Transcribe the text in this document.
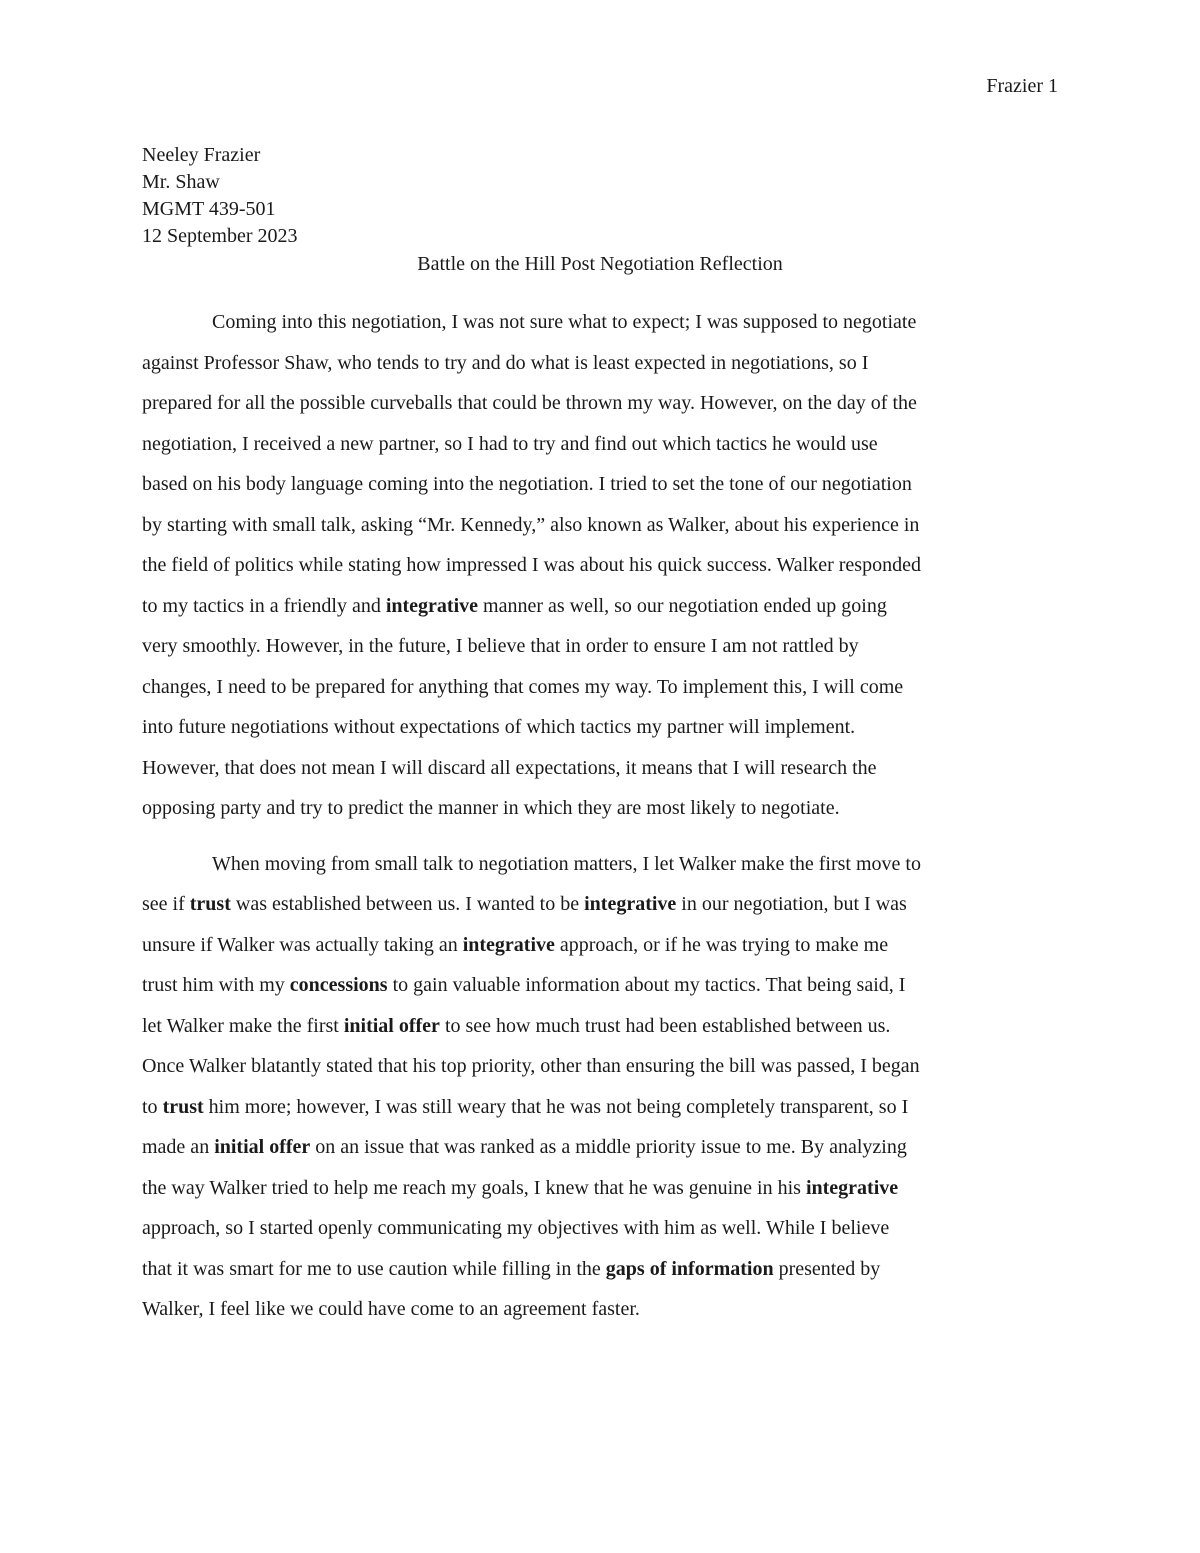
Frazier 1
Neeley Frazier
Mr. Shaw
MGMT 439-501
12 September 2023
Battle on the Hill Post Negotiation Reflection
Coming into this negotiation, I was not sure what to expect; I was supposed to negotiate
against Professor Shaw, who tends to try and do what is least expected in negotiations, so I
prepared for all the possible curveballs that could be thrown my way. However, on the day of the
negotiation, I received a new partner, so I had to try and find out which tactics he would use
based on his body language coming into the negotiation. I tried to set the tone of our negotiation
by starting with small talk, asking “Mr. Kennedy,” also known as Walker, about his experience in
the field of politics while stating how impressed I was about his quick success. Walker responded
to my tactics in a friendly and integrative manner as well, so our negotiation ended up going
very smoothly. However, in the future, I believe that in order to ensure I am not rattled by
changes, I need to be prepared for anything that comes my way. To implement this, I will come
into future negotiations without expectations of which tactics my partner will implement.
However, that does not mean I will discard all expectations, it means that I will research the
opposing party and try to predict the manner in which they are most likely to negotiate.
When moving from small talk to negotiation matters, I let Walker make the first move to
see if trust was established between us. I wanted to be integrative in our negotiation, but I was
unsure if Walker was actually taking an integrative approach, or if he was trying to make me
trust him with my concessions to gain valuable information about my tactics. That being said, I
let Walker make the first initial offer to see how much trust had been established between us.
Once Walker blatantly stated that his top priority, other than ensuring the bill was passed, I began
to trust him more; however, I was still weary that he was not being completely transparent, so I
made an initial offer on an issue that was ranked as a middle priority issue to me. By analyzing
the way Walker tried to help me reach my goals, I knew that he was genuine in his integrative
approach, so I started openly communicating my objectives with him as well. While I believe
that it was smart for me to use caution while filling in the gaps of information presented by
Walker, I feel like we could have come to an agreement faster.
